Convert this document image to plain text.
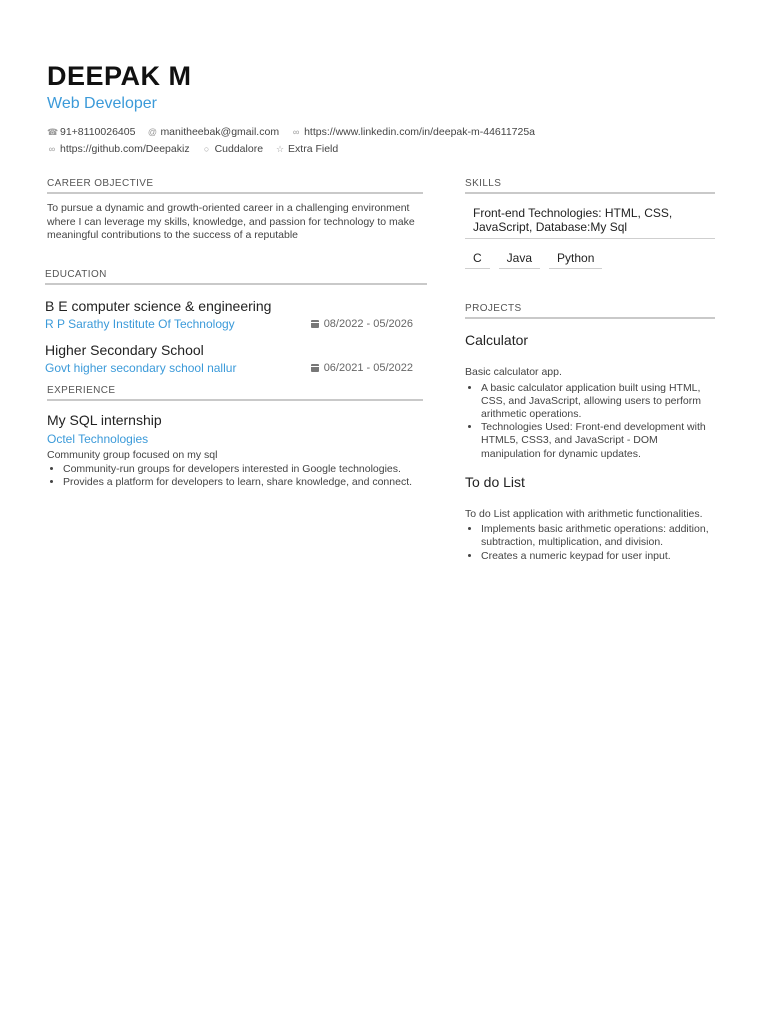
DEEPAK M
Web Developer
☎ 91+8110026405 @ manitheebak@gmail.com ∞ https://www.linkedin.com/in/deepak-m-44611725a
∞ https://github.com/Deepakiz ○ Cuddalore ☆ Extra Field
CAREER OBJECTIVE

To pursue a dynamic and growth-oriented career in a challenging environment where I can leverage my skills, knowledge, and passion for technology to make meaningful contributions to the success of a reputable

EDUCATION
B E computer science & engineering
R P Sarathy Institute Of Technology	08/2022 - 05/2026
Higher Secondary School
Govt higher secondary school nallur	06/2021 - 05/2022
EXPERIENCE
My SQL internship
Octel Technologies
Community group focused on my sql
• Community-run groups for developers interested in Google technologies.
• Provides a platform for developers to learn, share knowledge, and connect.
SKILLS
Front-end Technologies: HTML, CSS, JavaScript, Database:My Sql
C	Java	Python
PROJECTS
Calculator
Basic calculator app.
• A basic calculator application built using HTML, CSS, and JavaScript, allowing users to perform arithmetic operations.
• Technologies Used: Front-end development with HTML5, CSS3, and JavaScript - DOM manipulation for dynamic updates.
To do List
To do List application with arithmetic functionalities.
• Implements basic arithmetic operations: addition, subtraction, multiplication, and division.
• Creates a numeric keypad for user input.
